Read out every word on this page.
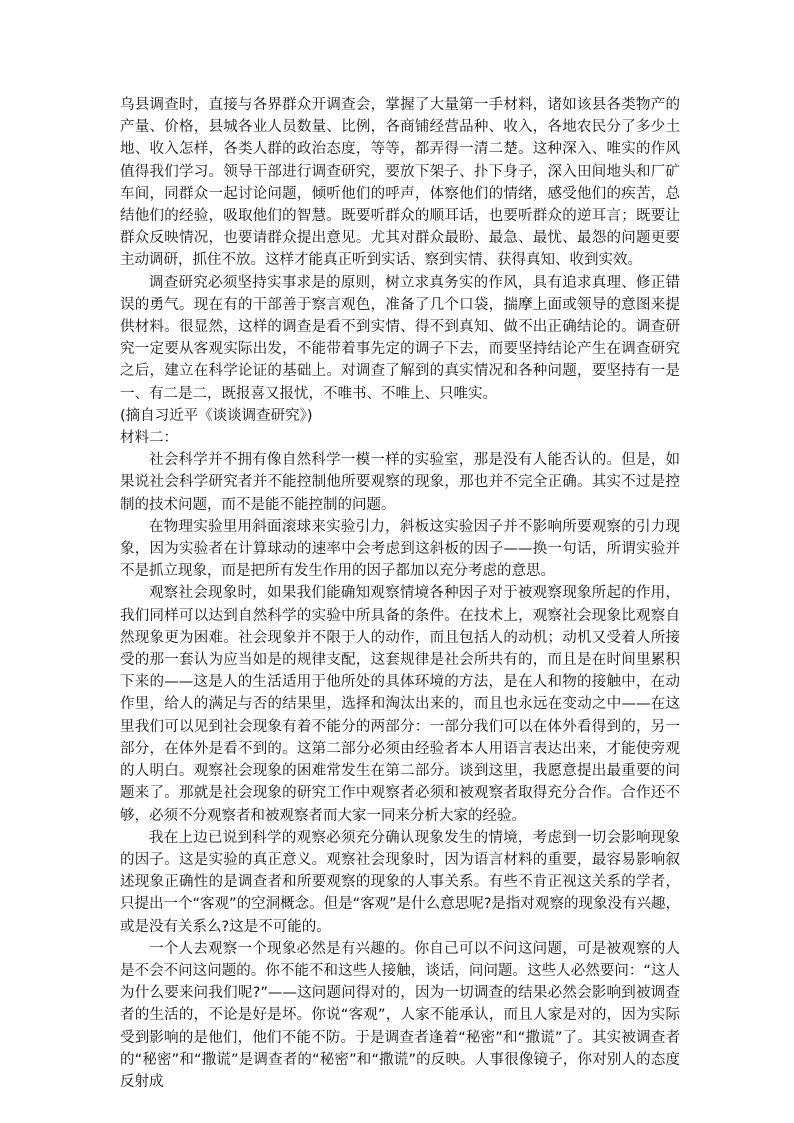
乌县调查时，直接与各界群众开调查会，掌握了大量第一手材料，诸如该县各类物产的产量、价格，县城各业人员数量、比例，各商铺经营品种、收入，各地农民分了多少土地、收入怎样，各类人群的政治态度，等等，都弄得一清二楚。这种深入、唯实的作风值得我们学习。领导干部进行调查研究，要放下架子、扑下身子，深入田间地头和厂矿车间，同群众一起讨论问题，倾听他们的呼声，体察他们的情绪，感受他们的疾苦，总结他们的经验，吸取他们的智慧。既要听群众的顺耳话，也要听群众的逆耳言；既要让群众反映情况，也要请群众提出意见。尤其对群众最盼、最急、最忧、最怨的问题更要主动调研，抓住不放。这样才能真正听到实话、察到实情、获得真知、收到实效。

调查研究必须坚持实事求是的原则，树立求真务实的作风，具有追求真理、修正错误的勇气。现在有的干部善于察言观色，准备了几个口袋，揣摩上面或领导的意图来提供材料。很显然，这样的调查是看不到实情、得不到真知、做不出正确结论的。调查研究一定要从客观实际出发，不能带着事先定的调子下去，而要坚持结论产生在调查研究之后，建立在科学论证的基础上。对调查了解到的真实情况和各种问题，要坚持有一是一、有二是二，既报喜又报忧，不唯书、不唯上、只唯实。

(摘自习近平《谈谈调查研究》)

材料二：

社会科学并不拥有像自然科学一模一样的实验室，那是没有人能否认的。但是，如果说社会科学研究者并不能控制他所要观察的现象，那也并不完全正确。其实不过是控制的技术问题，而不是能不能控制的问题。

在物理实验里用斜面滚球来实验引力，斜板这实验因子并不影响所要观察的引力现象，因为实验者在计算球动的速率中会考虑到这斜板的因子——换一句话，所谓实验并不是抓立现象，而是把所有发生作用的因子都加以充分考虑的意思。

观察社会现象时，如果我们能确知观察情境各种因子对于被观察现象所起的作用，我们同样可以达到自然科学的实验中所具备的条件。在技术上，观察社会现象比观察自然现象更为困难。社会现象并不限于人的动作，而且包括人的动机；动机又受着人所接受的那一套认为应当如是的规律支配，这套规律是社会所共有的，而且是在时间里累积下来的——这是人的生活适用于他所处的具体环境的方法，是在人和物的接触中，在动作里，给人的满足与否的结果里，选择和淘汰出来的，而且也永远在变动之中——在这里我们可以见到社会现象有着不能分的两部分：一部分我们可以在体外看得到的，另一部分，在体外是看不到的。这第二部分必须由经验者本人用语言表达出来，才能使旁观的人明白。观察社会现象的困难常发生在第二部分。谈到这里，我愿意提出最重要的问题来了。那就是社会现象的研究工作中观察者必须和被观察者取得充分合作。合作还不够，必须不分观察者和被观察者而大家一同来分析大家的经验。

我在上边已说到科学的观察必须充分确认现象发生的情境，考虑到一切会影响现象的因子。这是实验的真正意义。观察社会现象时，因为语言材料的重要，最容易影响叙述现象正确性的是调查者和所要观察的现象的人事关系。有些不肯正视这关系的学者，只提出一个“客观”的空洞概念。但是“客观”是什么意思呢?是指对观察的现象没有兴趣，或是没有关系么?这是不可能的。

一个人去观察一个现象必然是有兴趣的。你自己可以不问这问题，可是被观察的人是不会不问这问题的。你不能不和这些人接触，谈话，问问题。这些人必然要问：“这人为什么要来问我们呢?”——这问题问得对的，因为一切调查的结果必然会影响到被调查者的生活的，不论是好是坏。你说“客观”，人家不能承认，而且人家是对的，因为实际受到影响的是他们，他们不能不防。于是调查者逢着“秘密”和“撒谎”了。其实被调查者的“秘密”和“撒谎”是调查者的“秘密”和“撒谎”的反映。人事很像镜子，你对别人的态度反射成
